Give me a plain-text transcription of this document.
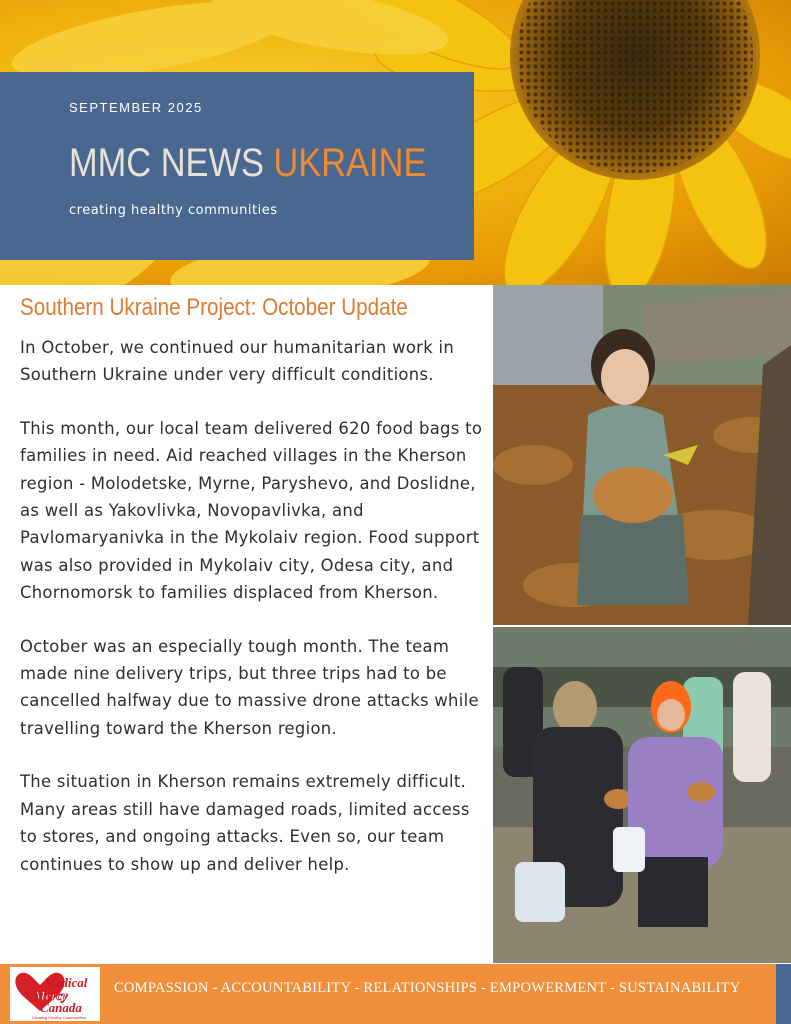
SEPTEMBER 2025
MMC NEWS UKRAINE
creating healthy communities
Southern Ukraine Project: October Update

In October, we continued our humanitarian work in Southern Ukraine under very difficult conditions.

This month, our local team delivered 620 food bags to families in need. Aid reached villages in the Kherson region - Molodetske, Myrne, Paryshevo, and Doslidne, as well as Yakovlivka, Novopavlivka, and Pavlomaryanivka in the Mykolaiv region. Food support was also provided in Mykolaiv city, Odesa city, and Chornomorsk to families displaced from Kherson.

October was an especially tough month. The team made nine delivery trips, but three trips had to be cancelled halfway due to massive drone attacks while travelling toward the Kherson region.

The situation in Kherson remains extremely difficult. Many areas still have damaged roads, limited access to stores, and ongoing attacks. Even so, our team continues to show up and deliver help.

Medical
Mercy
Canada
Creating Healthy Communities
COMPASSION - ACCOUNTABILITY - RELATIONSHIPS - EMPOWERMENT - SUSTAINABILITY
